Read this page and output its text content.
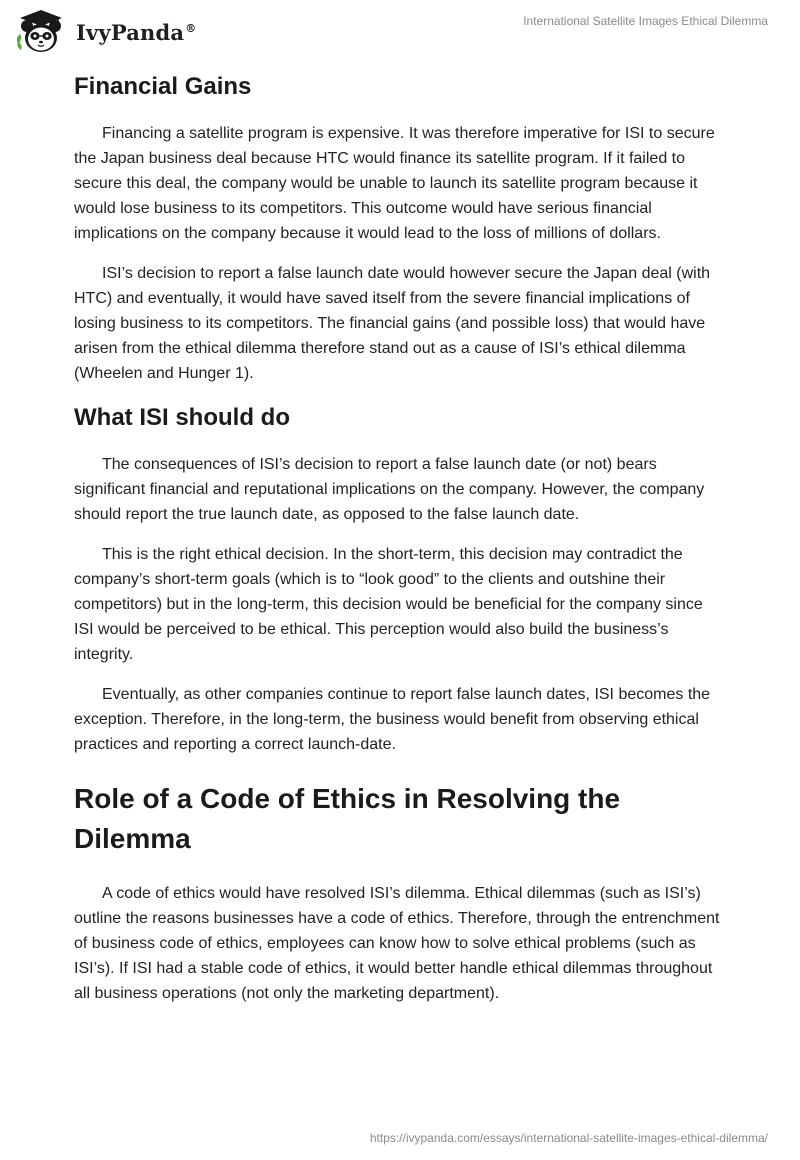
IvyPanda®	International Satellite Images Ethical Dilemma
Financial Gains

Financing a satellite program is expensive. It was therefore imperative for ISI to secure the Japan business deal because HTC would finance its satellite program. If it failed to secure this deal, the company would be unable to launch its satellite program because it would lose business to its competitors. This outcome would have serious financial implications on the company because it would lead to the loss of millions of dollars.

ISI’s decision to report a false launch date would however secure the Japan deal (with HTC) and eventually, it would have saved itself from the severe financial implications of losing business to its competitors. The financial gains (and possible loss) that would have arisen from the ethical dilemma therefore stand out as a cause of ISI’s ethical dilemma (Wheelen and Hunger 1).

What ISI should do

The consequences of ISI’s decision to report a false launch date (or not) bears significant financial and reputational implications on the company. However, the company should report the true launch date, as opposed to the false launch date.

This is the right ethical decision. In the short-term, this decision may contradict the company’s short-term goals (which is to “look good” to the clients and outshine their competitors) but in the long-term, this decision would be beneficial for the company since ISI would be perceived to be ethical. This perception would also build the business’s integrity.

Eventually, as other companies continue to report false launch dates, ISI becomes the exception. Therefore, in the long-term, the business would benefit from observing ethical practices and reporting a correct launch-date.

Role of a Code of Ethics in Resolving the Dilemma

A code of ethics would have resolved ISI’s dilemma. Ethical dilemmas (such as ISI’s) outline the reasons businesses have a code of ethics. Therefore, through the entrenchment of business code of ethics, employees can know how to solve ethical problems (such as ISI’s). If ISI had a stable code of ethics, it would better handle ethical dilemmas throughout all business operations (not only the marketing department).

https://ivypanda.com/essays/international-satellite-images-ethical-dilemma/
